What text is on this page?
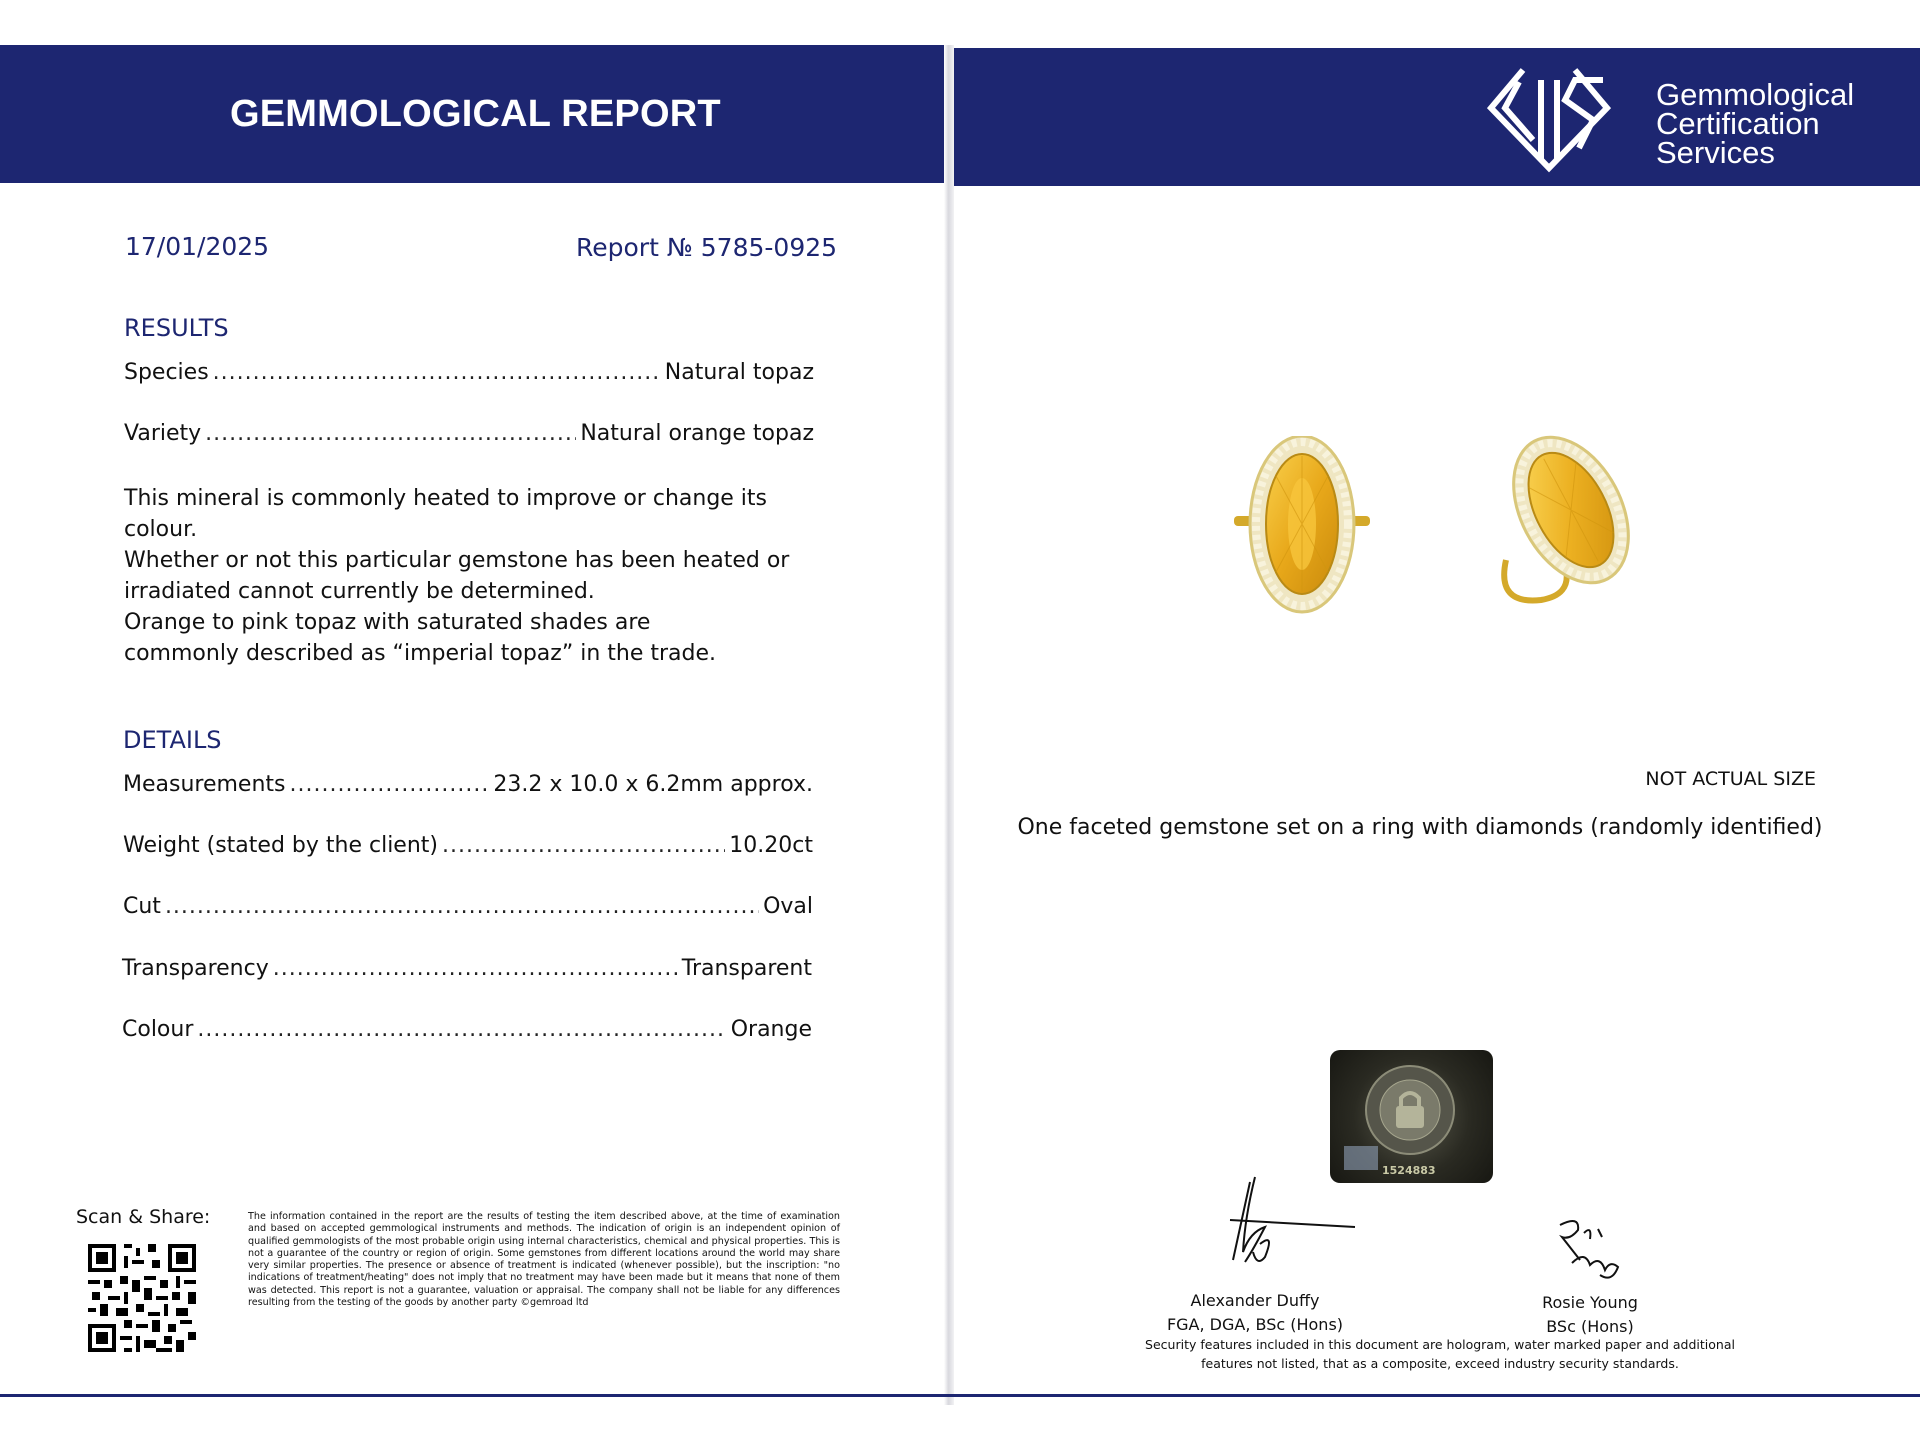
GEMMOLOGICAL REPORT	Gemmological
Certification
Services
17/01/2025	Report № 5785-0925
RESULTS
Species .....	Natural topaz
Variety .....	Natural orange topaz
This mineral is commonly heated to improve or change its colour.
Whether or not this particular gemstone has been heated or
irradiated cannot currently be determined.
Orange to pink topaz with saturated shades are
commonly described as “imperial topaz” in the trade.
DETAILS
Measurements .....	23.2 x 10.0 x 6.2mm approx.
Weight (stated by the client) .....	10.20ct
Cut .....	Oval
Transparency .....	Transparent
Colour .....	Orange
Scan & Share:	The information contained in the report are the results of testing the item described above, at the time of examination and based on accepted gemmological instruments and methods. The indication of origin is an independent opinion of qualified gemmologists of the most probable origin using internal characteristics, chemical and physical properties. This is not a guarantee of the country or region of origin. Some gemstones from different locations around the world may share very similar properties. The presence or absence of treatment is indicated (whenever possible), but the inscription: "no indications of treatment/heating" does not imply that no treatment may have been made but it means that none of them was detected. This report is not a guarantee, valuation or appraisal. The company shall not be liable for any differences resulting from the testing of the goods by another party ©gemroad ltd
NOT ACTUAL SIZE
One faceted gemstone set on a ring with diamonds (randomly identified)
1524883
Alexander Duffy
FGA, DGA, BSc (Hons)
Rosie Young
BSc (Hons)
Security features included in this document are hologram, water marked paper and additional
features not listed, that as a composite, exceed industry security standards.
